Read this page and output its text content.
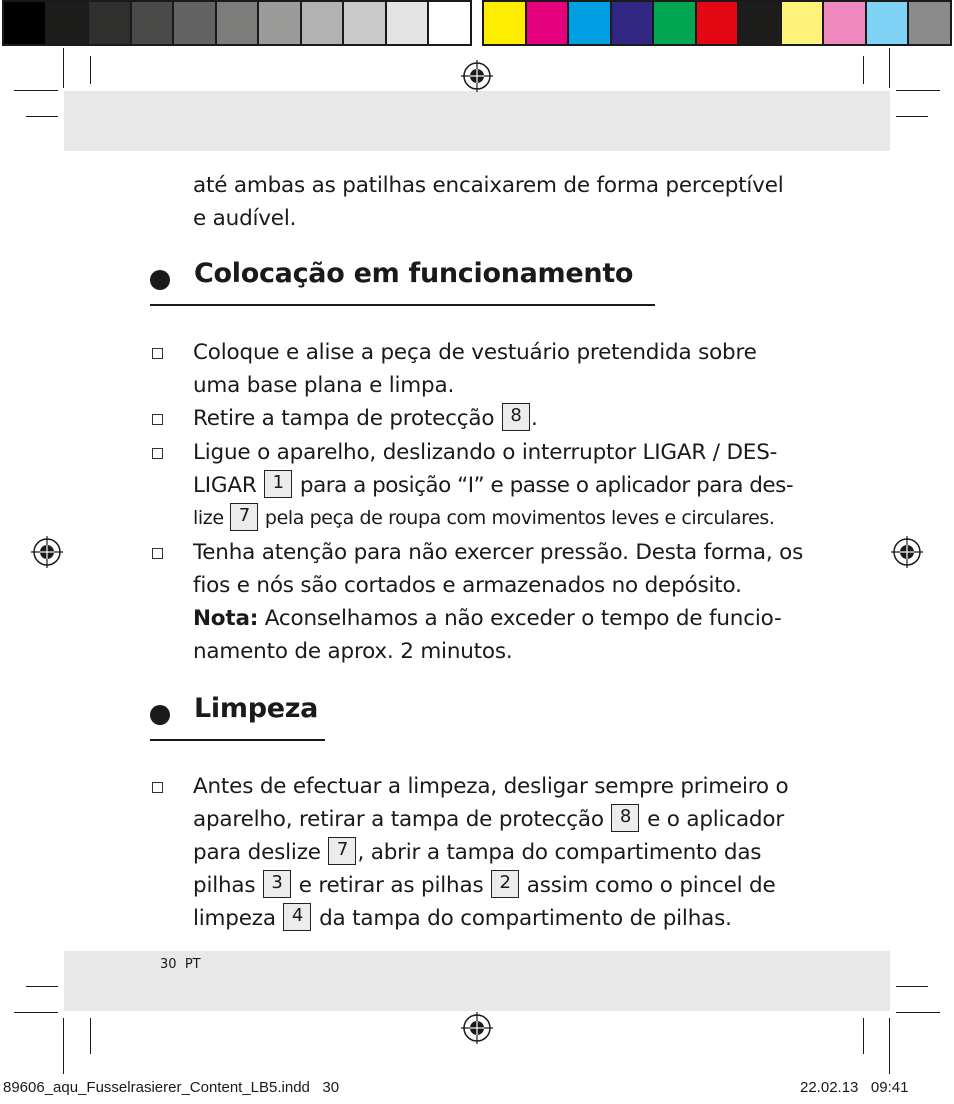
até ambas as patilhas encaixarem de forma perceptível
e audível.
Colocação em funcionamento
Coloque e alise a peça de vestuário pretendida sobre
uma base plana e limpa.
Retire a tampa de protecção 8 .
Ligue o aparelho, deslizando o interruptor LIGAR / DES-
LIGAR 1 para a posição “I” e passe o aplicador para des-
lize 7 pela peça de roupa com movimentos leves e circulares.
Tenha atenção para não exercer pressão. Desta forma, os
fios e nós são cortados e armazenados no depósito.
Nota: Aconselhamos a não exceder o tempo de funcio-
namento de aprox. 2 minutos.
Limpeza
Antes de efectuar a limpeza, desligar sempre primeiro o
aparelho, retirar a tampa de protecção 8 e o aplicador
para deslize 7 , abrir a tampa do compartimento das
pilhas 3 e retirar as pilhas 2 assim como o pincel de
limpeza 4 da tampa do compartimento de pilhas.
30 PT
89606_aqu_Fusselrasierer_Content_LB5.indd   30	22.02.13   09:41
